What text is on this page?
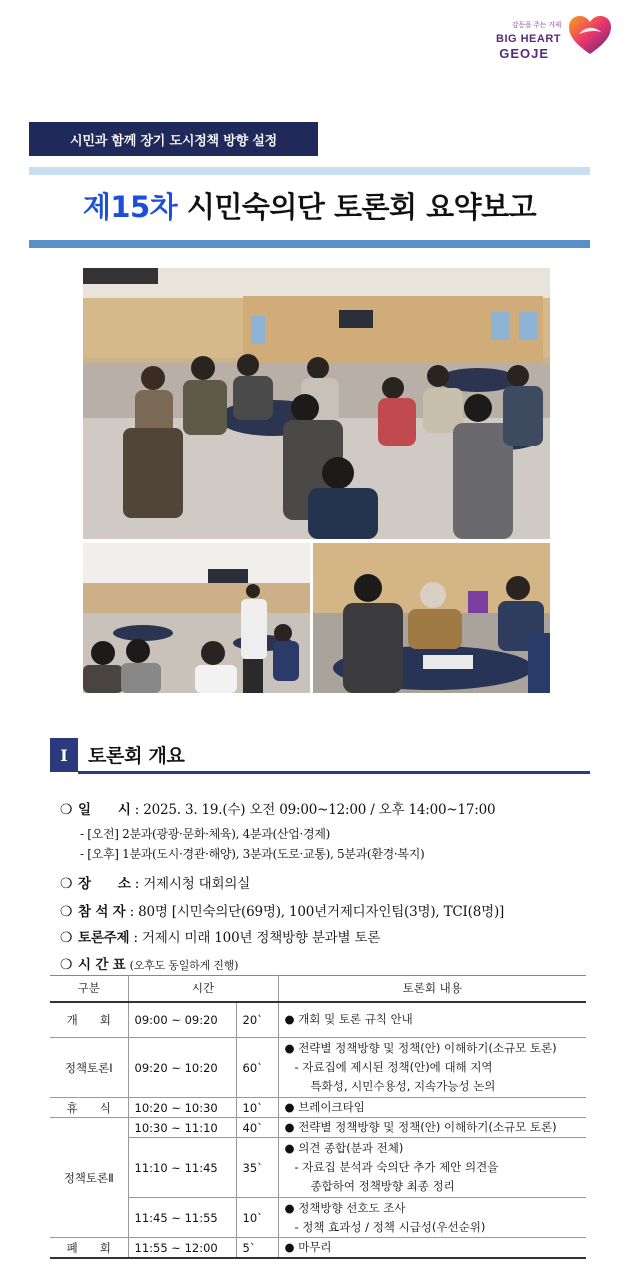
감동을 주는 거제
BIG HEART
GEOJE
시민과 함께 장기 도시정책 방향 설정
제15차 시민숙의단 토론회 요약보고
Ⅰ	토론회 개요
❍ 일      시 : 2025. 3. 19.(수) 오전 09:00~12:00 / 오후 14:00~17:00
- [오전] 2분과(광광·문화·체육), 4분과(산업·경제)
- [오후] 1분과(도시·경관·해양), 3분과(도로·교통), 5분과(환경·복지)
❍ 장      소 : 거제시청 대회의실
❍ 참 석 자 : 80명 [시민숙의단(69명), 100년거제디자인팀(3명), TCI(8명)]
❍ 토론주제 : 거제시 미래 100년 정책방향 분과별 토론
❍ 시 간 표 (오후도 동일하게 진행)
구분	시간		토론회 내용
개      회	09:00 ~ 09:20	20`	● 개회 및 토론 규칙 안내

정책토론Ⅰ	09:20 ~ 10:20	60`	● 전략별 정책방향 및 정책(안) 이해하기(소규모 토론)
- 자료집에 제시된 정책(안)에 대해 지역
특화성, 시민수용성, 지속가능성 논의

휴      식	10:20 ~ 10:30	10`	● 브레이크타임

정책토론Ⅱ	10:30 ~ 11:10	40`	● 전략별 정책방향 및 정책(안) 이해하기(소규모 토론)

	11:10 ~ 11:45	35`	● 의견 종합(분과 전체)
- 자료집 분석과 숙의단 추가 제안 의견을
종합하여 정책방향 최종 정리

	11:45 ~ 11:55	10`	● 정책방향 선호도 조사
- 정책 효과성 / 정책 시급성(우선순위)

폐      회	11:55 ~ 12:00	5`	● 마무리
